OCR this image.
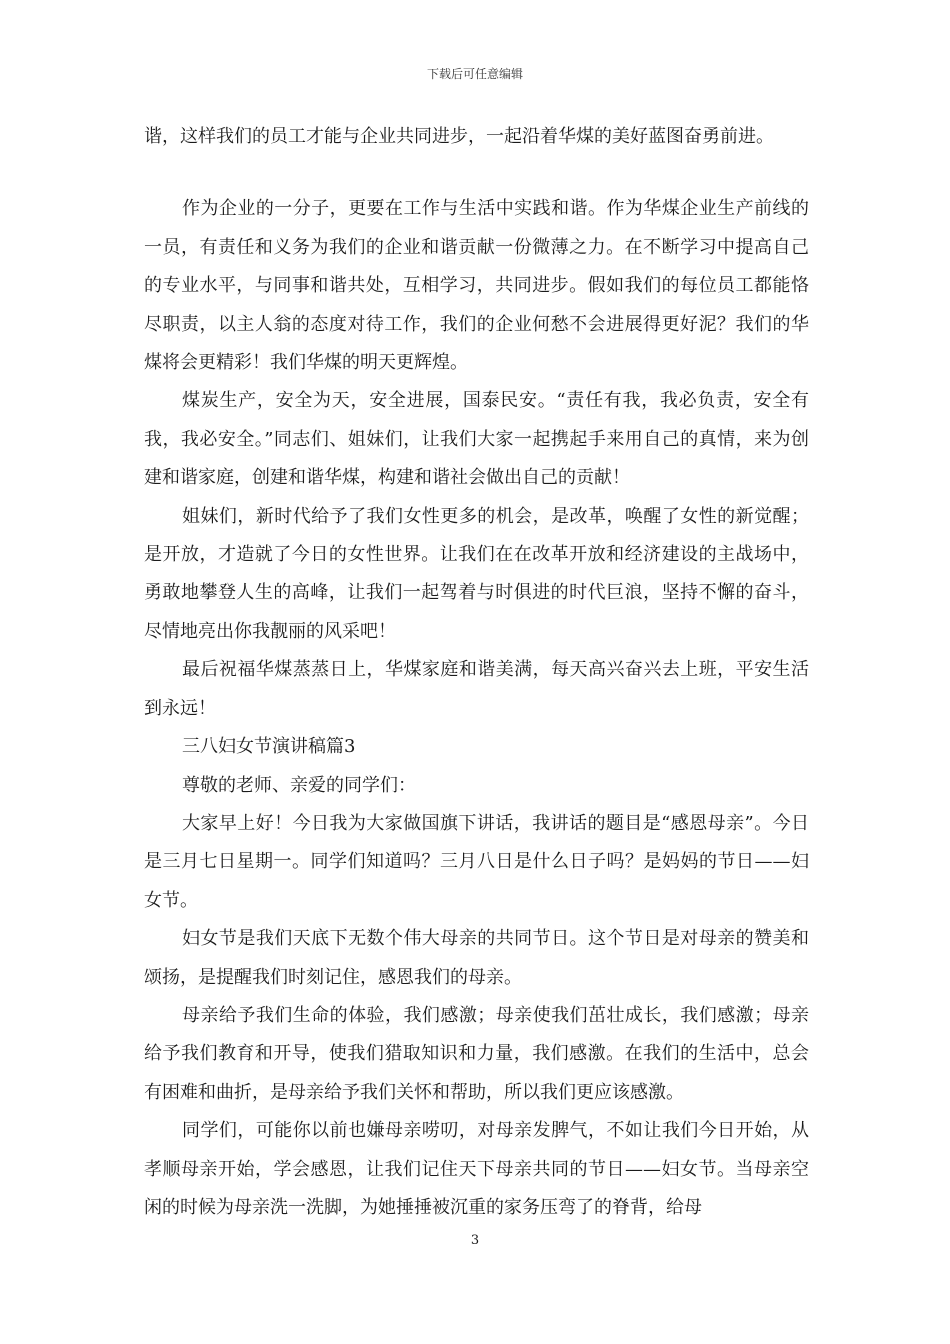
下载后可任意编辑

谐，这样我们的员工才能与企业共同进步，一起沿着华煤的美好蓝图奋勇前进。

作为企业的一分子，更要在工作与生活中实践和谐。作为华煤企业生产前线的一员，有责任和义务为我们的企业和谐贡献一份微薄之力。在不断学习中提高自己的专业水平，与同事和谐共处，互相学习，共同进步。假如我们的每位员工都能恪尽职责，以主人翁的态度对待工作，我们的企业何愁不会进展得更好泥？我们的华煤将会更精彩！我们华煤的明天更辉煌。

煤炭生产，安全为天，安全进展，国泰民安。“责任有我，我必负责，安全有我，我必安全。”同志们、姐妹们，让我们大家一起携起手来用自己的真情，来为创建和谐家庭，创建和谐华煤，构建和谐社会做出自己的贡献！

姐妹们，新时代给予了我们女性更多的机会，是改革，唤醒了女性的新觉醒；是开放，才造就了今日的女性世界。让我们在在改革开放和经济建设的主战场中，勇敢地攀登人生的高峰，让我们一起驾着与时俱进的时代巨浪，坚持不懈的奋斗，尽情地亮出你我靓丽的风采吧！

最后祝福华煤蒸蒸日上，华煤家庭和谐美满，每天高兴奋兴去上班，平安生活到永远！

三八妇女节演讲稿篇3

尊敬的老师、亲爱的同学们：

大家早上好！今日我为大家做国旗下讲话，我讲话的题目是“感恩母亲”。今日是三月七日星期一。同学们知道吗？三月八日是什么日子吗？是妈妈的节日——妇女节。

妇女节是我们天底下无数个伟大母亲的共同节日。这个节日是对母亲的赞美和颂扬，是提醒我们时刻记住，感恩我们的母亲。

母亲给予我们生命的体验，我们感激；母亲使我们茁壮成长，我们感激；母亲给予我们教育和开导，使我们猎取知识和力量，我们感激。在我们的生活中，总会有困难和曲折，是母亲给予我们关怀和帮助，所以我们更应该感激。

同学们，可能你以前也嫌母亲唠叨，对母亲发脾气，不如让我们今日开始，从孝顺母亲开始，学会感恩，让我们记住天下母亲共同的节日——妇女节。当母亲空闲的时候为母亲洗一洗脚，为她捶捶被沉重的家务压弯了的脊背，给母

3
